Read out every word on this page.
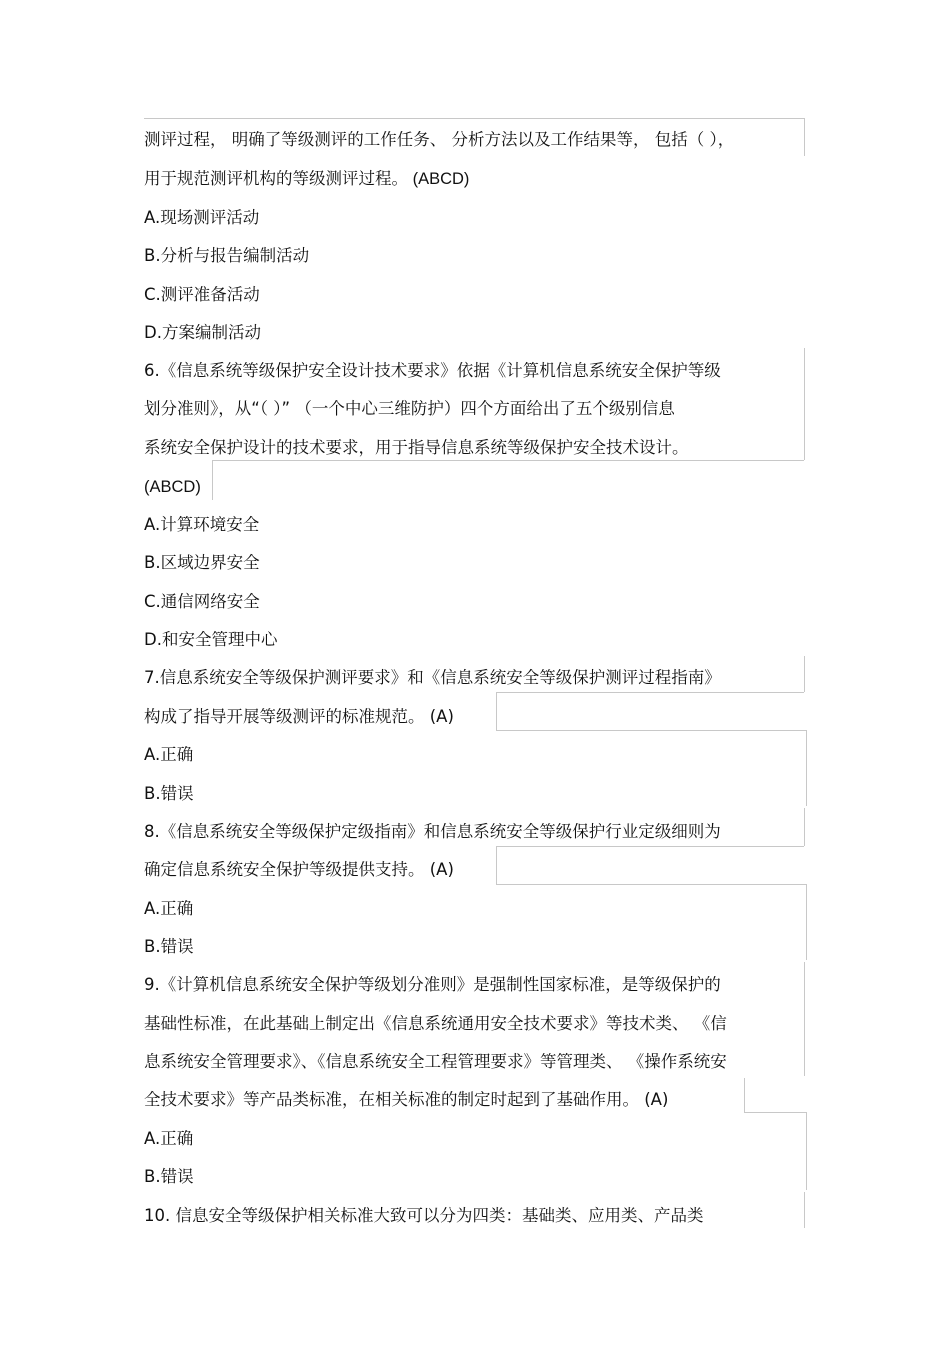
测评过程， 明确了等级测评的工作任务、 分析方法以及工作结果等， 包括（ ），
用于规范测评机构的等级测评过程。 (ABCD)
A.现场测评活动
B.分析与报告编制活动
C.测评准备活动
D.方案编制活动
6.《信息系统等级保护安全设计技术要求》依据《计算机信息系统安全保护等级
划分准则》，从“（ ）” （一个中心三维防护）四个方面给出了五个级别信息
系统安全保护设计的技术要求，用于指导信息系统等级保护安全技术设计。
(ABCD)
A.计算环境安全
B.区域边界安全
C.通信网络安全
D.和安全管理中心
7.信息系统安全等级保护测评要求》和《信息系统安全等级保护测评过程指南》
构成了指导开展等级测评的标准规范。 (A)
A.正确
B.错误
8.《信息系统安全等级保护定级指南》和信息系统安全等级保护行业定级细则为
确定信息系统安全保护等级提供支持。 (A)
A.正确
B.错误
9.《计算机信息系统安全保护等级划分准则》是强制性国家标准，是等级保护的
基础性标准，在此基础上制定出《信息系统通用安全技术要求》等技术类、 《信
息系统安全管理要求》、《信息系统安全工程管理要求》等管理类、 《操作系统安
全技术要求》等产品类标准，在相关标准的制定时起到了基础作用。 (A)
A.正确
B.错误
10. 信息安全等级保护相关标准大致可以分为四类：基础类、应用类、产品类
